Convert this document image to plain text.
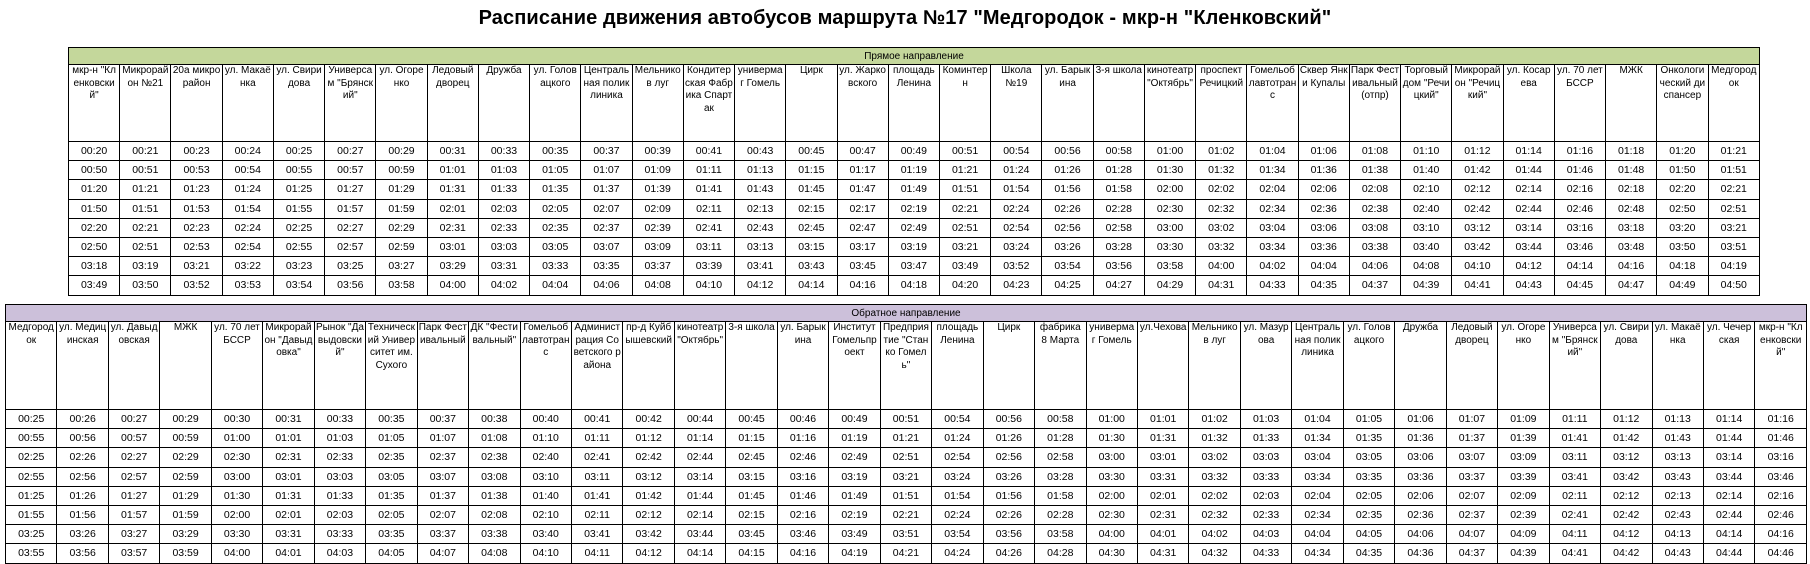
Расписание движения автобусов маршрута №17 "Медгородок - мкр-н "Кленковский"
Прямое направление																																
мкр-н "Кленковский"	Микрорайон №21	20а микрорайон	ул. Макаёнка	ул. Свиридова	Универсам "Брянский"	ул. Огоренко	Ледовый дворец	Дружба	ул. Головацкого	Центральная поликлиника	Мельников луг	Кондитерская Фабрика Спартак	универмаг Гомель	Цирк	ул. Жарковского	площадь Ленина	Коминтерн	Школа №19	ул. Барыкина	3-я школа	кинотеатр "Октябрь"	проспект Речицкий	Гомельоблавтотранс	Сквер Янки Купалы	Парк Фестивальный (отпр)	Торговый дом "Речицкий"	Микрорайон "Речицкий"	ул. Косарева	ул. 70 лет БССР	МЖК	Онкологический диспансер	Медгородок
00:20	00:21	00:23	00:24	00:25	00:27	00:29	00:31	00:33	00:35	00:37	00:39	00:41	00:43	00:45	00:47	00:49	00:51	00:54	00:56	00:58	01:00	01:02	01:04	01:06	01:08	01:10	01:12	01:14	01:16	01:18	01:20	01:21
00:50	00:51	00:53	00:54	00:55	00:57	00:59	01:01	01:03	01:05	01:07	01:09	01:11	01:13	01:15	01:17	01:19	01:21	01:24	01:26	01:28	01:30	01:32	01:34	01:36	01:38	01:40	01:42	01:44	01:46	01:48	01:50	01:51
01:20	01:21	01:23	01:24	01:25	01:27	01:29	01:31	01:33	01:35	01:37	01:39	01:41	01:43	01:45	01:47	01:49	01:51	01:54	01:56	01:58	02:00	02:02	02:04	02:06	02:08	02:10	02:12	02:14	02:16	02:18	02:20	02:21
01:50	01:51	01:53	01:54	01:55	01:57	01:59	02:01	02:03	02:05	02:07	02:09	02:11	02:13	02:15	02:17	02:19	02:21	02:24	02:26	02:28	02:30	02:32	02:34	02:36	02:38	02:40	02:42	02:44	02:46	02:48	02:50	02:51
02:20	02:21	02:23	02:24	02:25	02:27	02:29	02:31	02:33	02:35	02:37	02:39	02:41	02:43	02:45	02:47	02:49	02:51	02:54	02:56	02:58	03:00	03:02	03:04	03:06	03:08	03:10	03:12	03:14	03:16	03:18	03:20	03:21
02:50	02:51	02:53	02:54	02:55	02:57	02:59	03:01	03:03	03:05	03:07	03:09	03:11	03:13	03:15	03:17	03:19	03:21	03:24	03:26	03:28	03:30	03:32	03:34	03:36	03:38	03:40	03:42	03:44	03:46	03:48	03:50	03:51
03:18	03:19	03:21	03:22	03:23	03:25	03:27	03:29	03:31	03:33	03:35	03:37	03:39	03:41	03:43	03:45	03:47	03:49	03:52	03:54	03:56	03:58	04:00	04:02	04:04	04:06	04:08	04:10	04:12	04:14	04:16	04:18	04:19
03:49	03:50	03:52	03:53	03:54	03:56	03:58	04:00	04:02	04:04	04:06	04:08	04:10	04:12	04:14	04:16	04:18	04:20	04:23	04:25	04:27	04:29	04:31	04:33	04:35	04:37	04:39	04:41	04:43	04:45	04:47	04:49	04:50
Обратное направление																																		
Медгородок	ул. Медицинская	ул. Давыдовская	МЖК	ул. 70 лет БССР	Микрорайон "Давыдовка"	Рынок "Давыдовский"	Технический Университет им. Сухого	Парк Фестивальный	ДК "Фестивальный"	Гомельоблавтотранс	Администрация Советского района	пр-д Куйбышевский	кинотеатр "Октябрь"	3-я школа	ул. Барыкина	Институт Гомельпроект	Предприятие "Станко Гомель"	площадь Ленина	Цирк	фабрика 8 Марта	универмаг Гомель	ул.Чехова	Мельников луг	ул. Мазурова	Центральная поликлиника	ул. Головацкого	Дружба	Ледовый дворец	ул. Огоренко	Универсам "Брянский"	ул. Свиридова	ул. Макаёнка	ул. Чечерская	мкр-н "Кленковский"
00:25	00:26	00:27	00:29	00:30	00:31	00:33	00:35	00:37	00:38	00:40	00:41	00:42	00:44	00:45	00:46	00:49	00:51	00:54	00:56	00:58	01:00	01:01	01:02	01:03	01:04	01:05	01:06	01:07	01:09	01:11	01:12	01:13	01:14	01:16
00:55	00:56	00:57	00:59	01:00	01:01	01:03	01:05	01:07	01:08	01:10	01:11	01:12	01:14	01:15	01:16	01:19	01:21	01:24	01:26	01:28	01:30	01:31	01:32	01:33	01:34	01:35	01:36	01:37	01:39	01:41	01:42	01:43	01:44	01:46
02:25	02:26	02:27	02:29	02:30	02:31	02:33	02:35	02:37	02:38	02:40	02:41	02:42	02:44	02:45	02:46	02:49	02:51	02:54	02:56	02:58	03:00	03:01	03:02	03:03	03:04	03:05	03:06	03:07	03:09	03:11	03:12	03:13	03:14	03:16
02:55	02:56	02:57	02:59	03:00	03:01	03:03	03:05	03:07	03:08	03:10	03:11	03:12	03:14	03:15	03:16	03:19	03:21	03:24	03:26	03:28	03:30	03:31	03:32	03:33	03:34	03:35	03:36	03:37	03:39	03:41	03:42	03:43	03:44	03:46
01:25	01:26	01:27	01:29	01:30	01:31	01:33	01:35	01:37	01:38	01:40	01:41	01:42	01:44	01:45	01:46	01:49	01:51	01:54	01:56	01:58	02:00	02:01	02:02	02:03	02:04	02:05	02:06	02:07	02:09	02:11	02:12	02:13	02:14	02:16
01:55	01:56	01:57	01:59	02:00	02:01	02:03	02:05	02:07	02:08	02:10	02:11	02:12	02:14	02:15	02:16	02:19	02:21	02:24	02:26	02:28	02:30	02:31	02:32	02:33	02:34	02:35	02:36	02:37	02:39	02:41	02:42	02:43	02:44	02:46
03:25	03:26	03:27	03:29	03:30	03:31	03:33	03:35	03:37	03:38	03:40	03:41	03:42	03:44	03:45	03:46	03:49	03:51	03:54	03:56	03:58	04:00	04:01	04:02	04:03	04:04	04:05	04:06	04:07	04:09	04:11	04:12	04:13	04:14	04:16
03:55	03:56	03:57	03:59	04:00	04:01	04:03	04:05	04:07	04:08	04:10	04:11	04:12	04:14	04:15	04:16	04:19	04:21	04:24	04:26	04:28	04:30	04:31	04:32	04:33	04:34	04:35	04:36	04:37	04:39	04:41	04:42	04:43	04:44	04:46
